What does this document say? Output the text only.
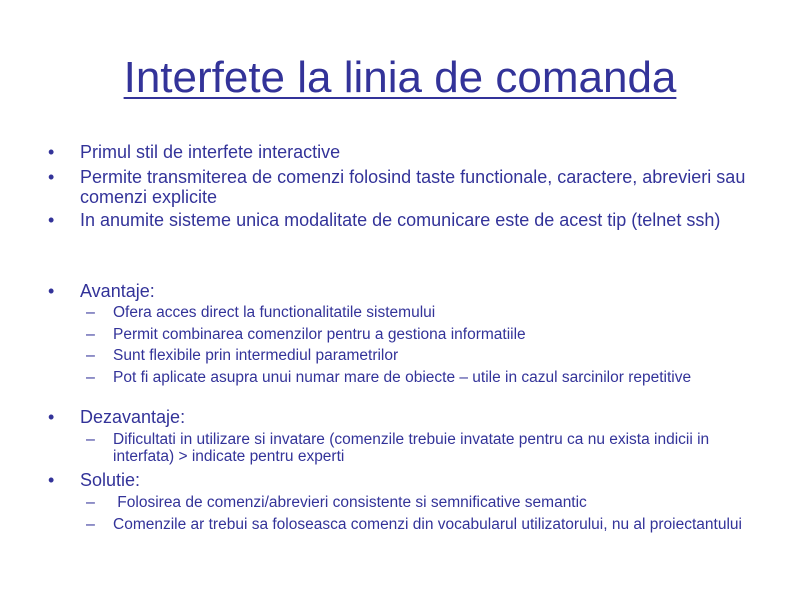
Interfete la linia de comanda
• Primul stil de interfete interactive
• Permite transmiterea de comenzi folosind taste functionale, caractere, abrevieri sau comenzi explicite
• In anumite sisteme unica modalitate de comunicare este de acest tip (telnet ssh)
• Avantaje:
– Ofera acces direct la functionalitatile sistemului
– Permit combinarea comenzilor pentru a gestiona informatiile
– Sunt flexibile prin intermediul parametrilor
– Pot fi aplicate asupra unui numar mare de obiecte – utile in cazul sarcinilor repetitive
• Dezavantaje:
– Dificultati in utilizare si invatare (comenzile trebuie invatate pentru ca nu exista indicii in interfata) > indicate pentru experti
• Solutie:
– Folosirea de comenzi/abrevieri consistente si semnificative semantic
– Comenzile ar trebui sa foloseasca comenzi din vocabularul utilizatorului, nu al proiectantului
